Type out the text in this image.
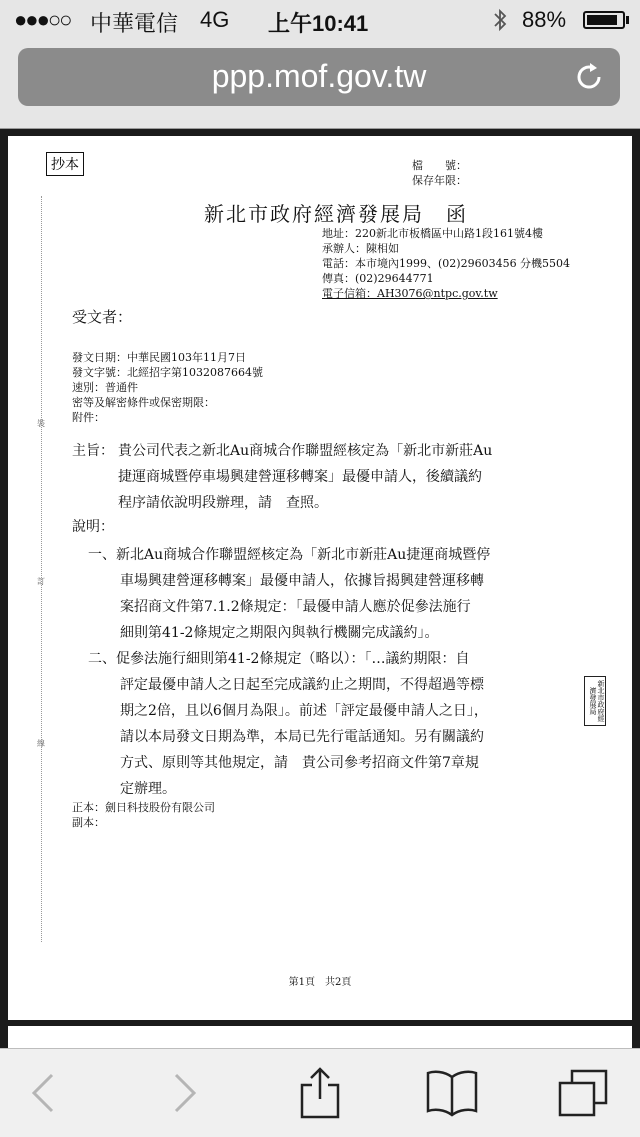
●●●○○ 中華電信 4G 上午10:41	88%
ppp.mof.gov.tw
裝
訂
線
抄本	檔　　號：
保存年限：
新北市政府經濟發展局　函
地址：220新北市板橋區中山路1段161號4樓
承辦人：陳相如
電話：本市境內1999、(02)29603456 分機5504
傳真：(02)29644771
電子信箱：AH3076@ntpc.gov.tw
受文者：
發文日期：中華民國103年11月7日
發文字號：北經招字第1032087664號
速別：普通件
密等及解密條件或保密期限：
附件：
主旨： 貴公司代表之新北Au商城合作聯盟經核定為「新北市新莊Au
捷運商城暨停車場興建營運移轉案」最優申請人，後續議約
程序請依說明段辦理，請　查照。
說明：
一、新北Au商城合作聯盟經核定為「新北市新莊Au捷運商城暨停
車場興建營運移轉案」最優申請人，依據旨揭興建營運移轉
案招商文件第7.1.2條規定：「最優申請人應於促參法施行
細則第41-2條規定之期限內與執行機關完成議約」。
二、促參法施行細則第41-2條規定（略以）：「…議約期限：自
評定最優申請人之日起至完成議約止之期間，不得超過等標
期之2倍，且以6個月為限」。前述「評定最優申請人之日」，
請以本局發文日期為準，本局已先行電話通知。另有關議約
方式、原則等其他規定，請　貴公司參考招商文件第7章規
定辦理。
新北市政府經濟發展局
正本：劍日科技股份有限公司
副本：
第1頁　共2頁
